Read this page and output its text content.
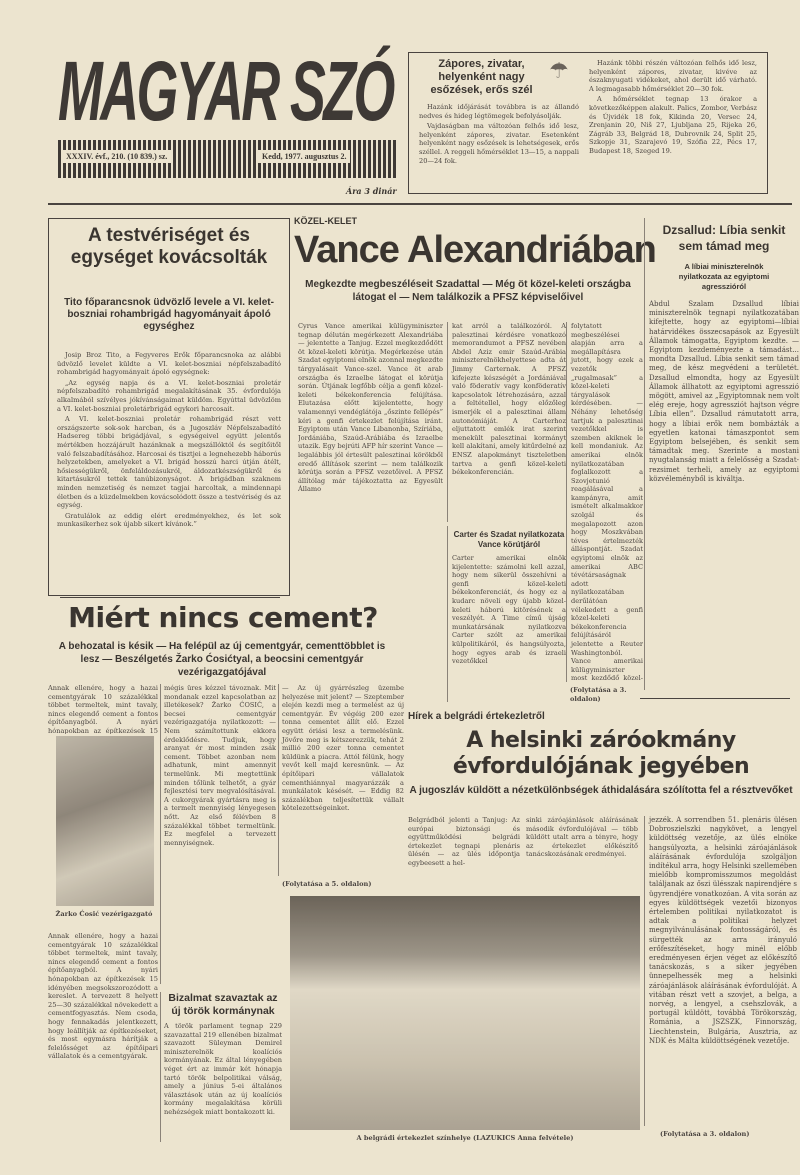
MAGYAR SZÓ
XXXIV. évf., 210. (10 839.) sz.	Kedd, 1977. augusztus 2.
Ára 3 dinár
Zápores, zivatar, helyenként nagy esőzések, erős szél
☂

Hazánk időjárását továbbra is az állandó nedves és hideg légtömegek befolyásolják.

Vajdaságban ma változóan felhős idő lesz, helyenként zápores, zivatar. Esetenként helyenként nagy esőzések is lehetségesek, erős széllel. A reggeli hőmérséklet 13—15, a nappali 20—24 fok.

Hazánk többi részén változóan felhős idő lesz, helyenként zápores, zivatar, kivéve az északnyugati vidékeket, ahol derült idő várható. A legmagasabb hőmérséklet 20—30 fok.

A hőmérséklet tegnap 13 órakor a következőképpen alakult. Palics, Zombor, Verbász és Újvidék 18 fok, Kikinda 20, Versec 24, Zrenjanin 20, Niš 27, Ljubljana 25, Rijeka 26, Zágráb 33, Belgrád 18, Dubrovnik 24, Split 25, Szkopje 31, Szarajevó 19, Szófia 22, Pécs 17, Budapest 18, Szeged 19.

A testvériséget és egységet kovácsolták
Tito főparancsnok üdvözlő levele a VI. kelet-boszniai rohambrigád hagyományait ápoló egységhez

Josip Broz Tito, a Fegyveres Erők főparancsnoka az alábbi üdvözlő levelet küldte a VI. kelet-boszniai népfelszabadító rohambrigád hagyományait ápoló egységnek:

„Az egység napja és a VI. kelet-boszniai proletár népfelszabadító rohambrigád megalakításának 35. évfordulója alkalmából szívélyes jókívánságaimat küldöm. Egyúttal üdvözlöm a VI. kelet-boszniai proletárbrigád egykori harcosait.

A VI. kelet-boszniai proletár rohambrigád részt vett országszerte sok-sok harcban, és a Jugoszláv Népfelszabadító Hadsereg többi brigádjával, s egységeivel együtt jelentős mértékben hozzájárult hazánknak a megszállóktól és segítőitől való felszabadításához. Harcosai és tisztjei a legnehezebb háborús helyzetekben, amelyeket a VI. brigád hosszú harci útján átélt, hősiességükről, önfeláldozásukról, áldozatkészségükről és kitartásukról tettek tanúbizonyságot. A brigádban szaknem minden nemzetiség és nemzet tagjai harcoltak, a mindennapi életben és a küzdelmekben kovácsolódott össze a testvériség és az egység.

Gratulálok az eddig elért eredményekhez, és let sok munkasikerhez sok újabb sikert kívánok.”

KÖZEL-KELET
Vance Alexandriában
Megkezdte megbeszéléseit Szadattal — Még öt közel-keleti országba látogat el — Nem találkozik a PFSZ képviselőivel
Cyrus Vance amerikai külügyminiszter tegnap délután megérkezett Alexandriába — jelentette a Tanjug. Ezzel megkezdődött öt közel-keleti körútja. Megérkezése után Szadat egyiptomi elnök azonnal megkezdte tárgyalásait Vance-szel. Vance öt arab országba és Izraelbe látogat el körútja során. Útjának legfőbb célja a genfi közel-keleti békekonferencia felújítása. Elutazása előtt kijelentette, hogy valamennyi vendéglátója „őszinte fellépés” kéri a genfi értekezlet felújítása iránt. Egyiptom után Vance Libanonba, Szíriába, Jordániába, Szaúd-Arábiába és Izraelbe utazik. Egy bejrúti AFP hír szerint Vance — legalábbis jól értesült palesztinai körökből eredő állítások szerint — nem találkozik körútja során a PFSZ vezetőivel. A PFSZ állítólag már tájékoztatta az Egyesült Államo
kat arról a találkozóról. A palesztinai kérdésre vonatkozó memorandumot a PFSZ nevében Abdel Aziz emir Szaúd-Arábia miniszterelnökhelyettese adta át Jimmy Carternak. A PFSZ kifejezte készségét a Jordániával való föderatív vagy konföderatív kapcsolatok létrehozására, azzal a feltétellel, hogy előzőleg ismerjék el a palesztinai állam autonómiáját. A Carterhoz eljuttatott emlék irat szerint menekült palesztinai kormányt kell alakítani, amely kitűrdelné az ENSZ alapokmányt tiszteletben tartva a genfi közel-keleti békekonferencián.
Carter és Szadat nyilatkozata Vance körútjáról
Carter amerikai elnök kijelentette: számolni kell azzal, hogy nem sikerül összehívni a genfi közel-keleti békekonferenciát, és hogy ez a kudarc növeli egy újabb közel-keleti háború kitörésének a veszélyét. A Time című újság munkatársának nyilatkozva Carter szólt az amerikai külpolitikáról, és hangsúlyozta, hogy egyes arab és izraeli vezetőkkel
folytatott megbeszélései alapján arra a megállapításra jutott, hogy ezek a vezetők „rugalmasak” a közel-keleti tárgyalások kérdésében. — Néhány lehetőség tartjuk a palesztinai vezetőkkel is szemben akiknek le kell mondaniuk. Az amerikai elnök nyilatkozatában foglalkozott a Szovjetunió reagálásával a kampányra, amit ismételt alkalmakkor szolgál és megalapozott azon hogy Moszkvában téves értelmezték álláspontját. Szadat egyiptomi elnök az amerikai ABC tévétársaságnak adott nyilatkozatában derűlátóan vélekedett a genfi közel-keleti békekonferencia felújításáról jelentette a Reuter Washingtonból. Vance amerikai külügyminiszter most kezdődő közel-
(Folytatása a 3. oldalon)
Dzsallud: Líbia senkit sem támad meg
A líbiai miniszterelnök nyilatkozata az egyiptomi agresszióról
Abdul Szalam Dzsallud líbiai miniszterelnök tegnapi nyilatkozatában kifejtette, hogy az egyiptomi—líbiai határvidékes összecsapások az Egyesült Államok támogatta, Egyiptom kezdte. — Egyiptom kezdeményezte a támadást... mondta Dzsallud. Líbia senkit sem támad meg, de kész megvédeni a területét. Dzsallud elmondta, hogy az Egyesült Államok állhatott az egyiptomi agresszió mögött, amivel az „Egyiptomnak nem volt elég ereje, hogy agressziót hajtson végre Líbia ellen”. Dzsallud rámutatott arra, hogy a líbiai erők nem bombázták a egyetlen katonai támaszpontot sem Egyiptom belsejében, és senkit sem támadtak meg. Szerinte a mostani nyugtalanság miatt a felelősség a Szadat-rezsimet terheli, amely az egyiptomi közvéleményből is kiváltja.
Miért nincs cement?
A behozatal is késik — Ha felépül az új cementgyár, cementtöbblet is lesz — Beszélgetés Žarko Ćosićtyal, a beocsini cementgyár vezérigazgatójával
Annak ellenére, hogy a hazai cementgyárak 10 százalékkal többet termeltek, mint tavaly, nincs elegendő cement a fontos építőanyagból. A nyári hónapokban az építkezések 15
Žarko Ćosić vezérigazgató
Annak ellenére, hogy a hazai cementgyárak 10 százalékkal többet termeltek, mint tavaly, nincs elegendő cement a fontos építőanyagból. A nyári hónapokban az építkezések 15 idényében megsokszorozódott a kereslet. A tervezett 8 helyett 25—30 százalékkal növekedett a cementfogyasztás. Nem csoda, hogy fennakadás jelentkezett, hogy leállítják az építkezéseket, és most egymásra hárítják a felelősséget az építőipari vállalatok és a cementgyárak.
mégis üres kézzel távoznak. Mit mondanak ezzel kapcsolatban az illetékesek? Žarko ĆOSIĆ, a becsei cementgyár vezérigazgatója nyilatkozott: — Nem számítottunk ekkora érdeklődésre. Tudjuk, hogy aranyat ér most minden zsák cement. Többet azonban nem adhatunk, mint amennyit termelünk. Mi megtettünk minden tőlünk telhetőt, a gyár fejlesztési terv megvalósításával. A cukorgyárak gyártásra meg is a termelt mennyiség lényegesen nőtt. Az első félévben 8 százalékkal többet termeltünk. Ez megfelel a tervezett mennyiségnek.
— Az új gyárrészleg üzembe helyezése mit jelent? — Szeptember elején kezdi meg a termelést az új cementgyár. Év végéig 200 ezer tonna cementet állít elő. Ezzel együtt óriási lesz a termelésünk. Jövőre meg is kétszerezzük, tehát 2 millió 200 ezer tonna cementet küldünk a piacra. Attól félünk, hogy vevőt kell majd keresnünk. — Az építőipari vállalatok cementhiánnyal magyarázzák a munkálatok késését. — Eddig 82 százalékban teljesítettük vállalt kötelezettségeinket.
(Folytatása a 5. oldalon)
Bizalmat szavaztak az új török kormánynak
A török parlament tegnap 229 szavazattal 219 ellenében bizalmat szavazott Süleyman Demirel miniszterelnök koalíciós kormányának. Ez által lényegében véget ért az immár két hónapja tartó török belpolitikai válság, amely a június 5-ei általános választások után az új koalíciós kormány megalakítása körüli nehézségek miatt bontakozott ki.
Hírek a belgrádi értekezletről
A helsinki záróokmány évfordulójának jegyében
A jugoszláv küldött a nézetkülönbségek áthidalására szólította fel a résztvevőket
Belgrádból jelenti a Tanjug: Az európai biztonsági és együttműködési belgrádi értekezlet tegnapi plenáris ülésén — az ülés időpontja egybeesett a hel-
sinki záróajánlások aláírásának második évfordulójával — több küldött utalt arra a tényre, hogy az értekezlet előkészítő tanácskozásának eredményei.
A belgrádi értekezlet színhelye (LAZUKICS Anna felvétele)
jezzék. A sorrendben 51. plenáris ülésen Dobroszielszki nagykövet, a lengyel küldöttség vezetője, az ülés elnöke hangsúlyozta, a helsinki záróajánlások aláírásának évfordulója szolgáljon indítékul arra, hogy Helsinki szellemében mielőbb kompromisszumos megoldást találjanak az őszi ülésszak napirendjére s ügyrendjére vonatkozóan. A vita során az egyes küldöttségek vezetői bizonyos értelemben politikai nyilatkozatot is adtak a politikai helyzet megnyilvánulásának fontosságáról, és sürgették az arra irányuló erőfeszítéseket, hogy minél előbb eredményesen érjen véget az előkészítő tanácskozás, s a siker jegyében ünnepelhessék meg a helsinki záróajánlások aláírásának évfordulóját. A vitában részt vett a szovjet, a belga, a norvég, a lengyel, a csehszlovák, a portugál küldött, továbbá Törökország, Románia, a JSZSZK, Finnország, Liechtenstein, Bulgária, Ausztria, az NDK és Málta küldöttségének vezetője.
(Folytatása a 3. oldalon)
